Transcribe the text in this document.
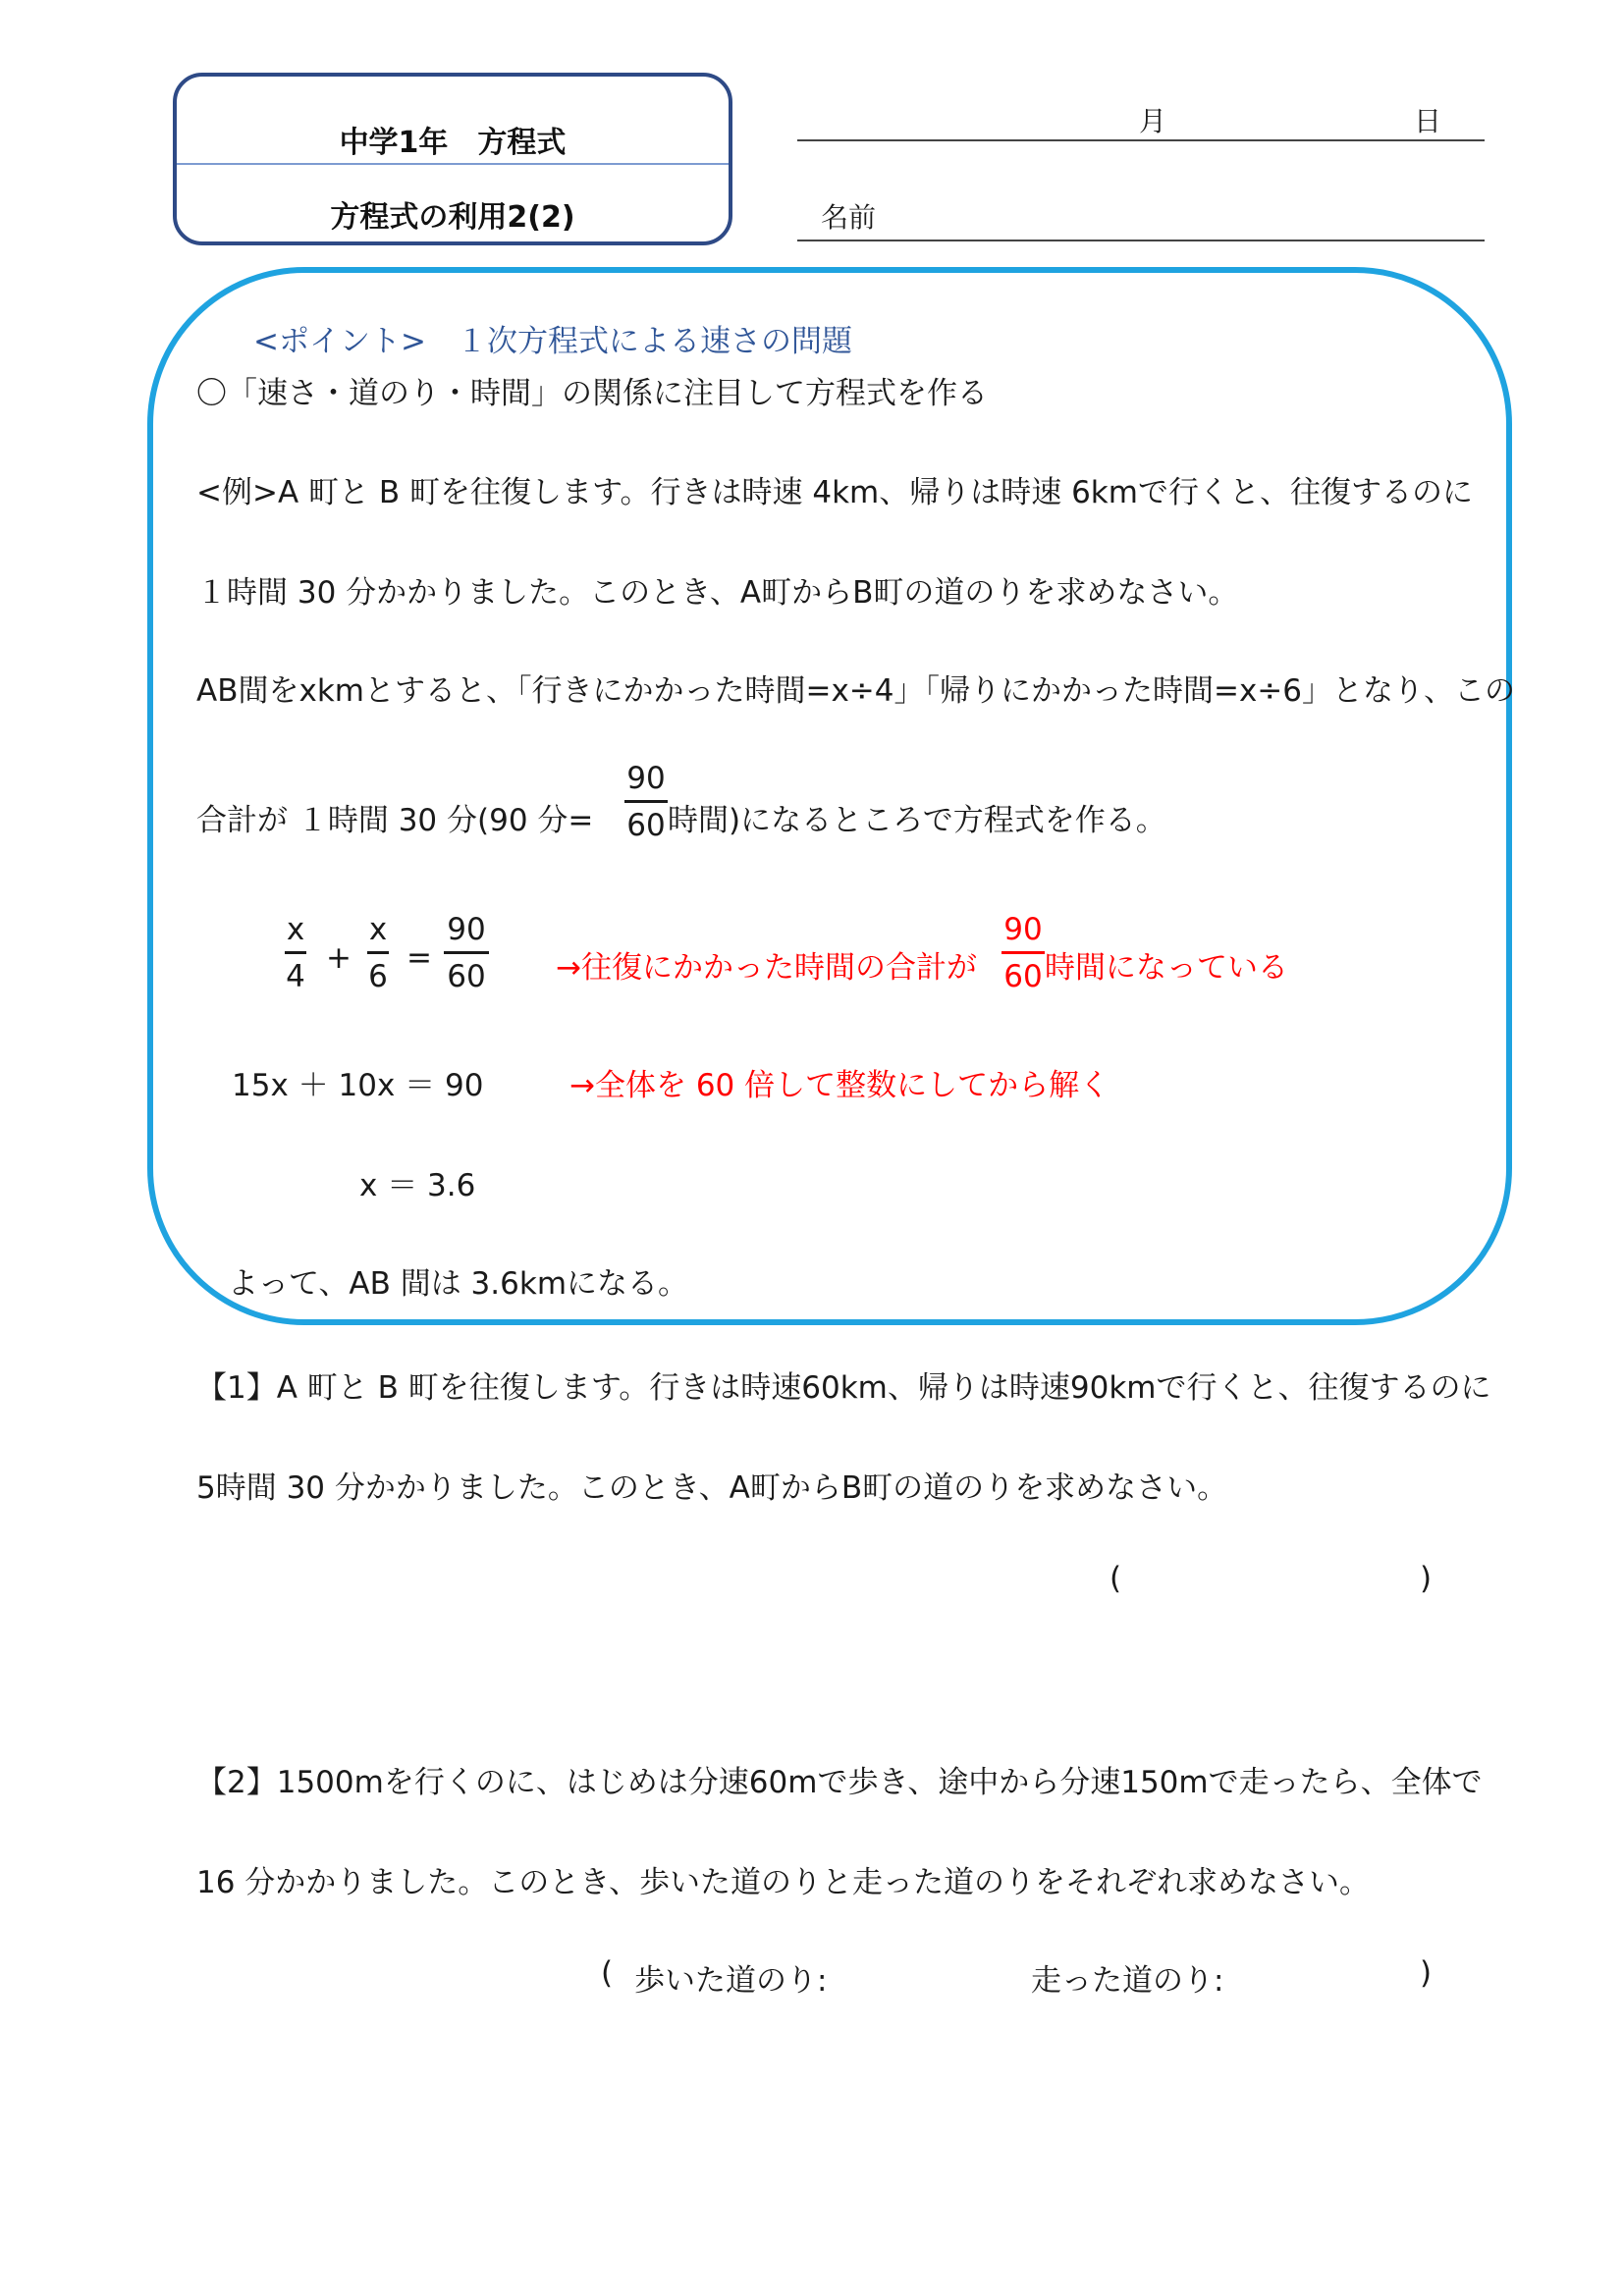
中学1年　方程式
方程式の利用2(2)
月	日
名前
<ポイント>　１次方程式による速さの問題
〇「速さ・道のり・時間」の関係に注目して方程式を作る
<例>A 町と B 町を往復します。行きは時速 4km、帰りは時速 6kmで行くと、往復するのに
１時間 30 分かかりました。このとき、A町からB町の道のりを求めなさい。
AB間をxkmとすると、「行きにかかった時間=x÷4」「帰りにかかった時間=x÷6」となり、この
合計が １時間 30 分(90 分=
90
60 時間)になるところで方程式を作る。
x
4
+
x
6
=
90
60 →往復にかかった時間の合計が
90
60 時間になっている
15x ＋ 10x ＝ 90	→全体を 60 倍して整数にしてから解く
x ＝ 3.6
よって、AB 間は 3.6kmになる。
【1】A 町と B 町を往復します。行きは時速60km、帰りは時速90kmで行くと、往復するのに
5時間 30 分かかりました。このとき、A町からB町の道のりを求めなさい。
(	)
【2】1500mを行くのに、はじめは分速60mで歩き、途中から分速150mで走ったら、全体で
16 分かかりました。このとき、歩いた道のりと走った道のりをそれぞれ求めなさい。
( 歩いた道のり:	走った道のり:	)
